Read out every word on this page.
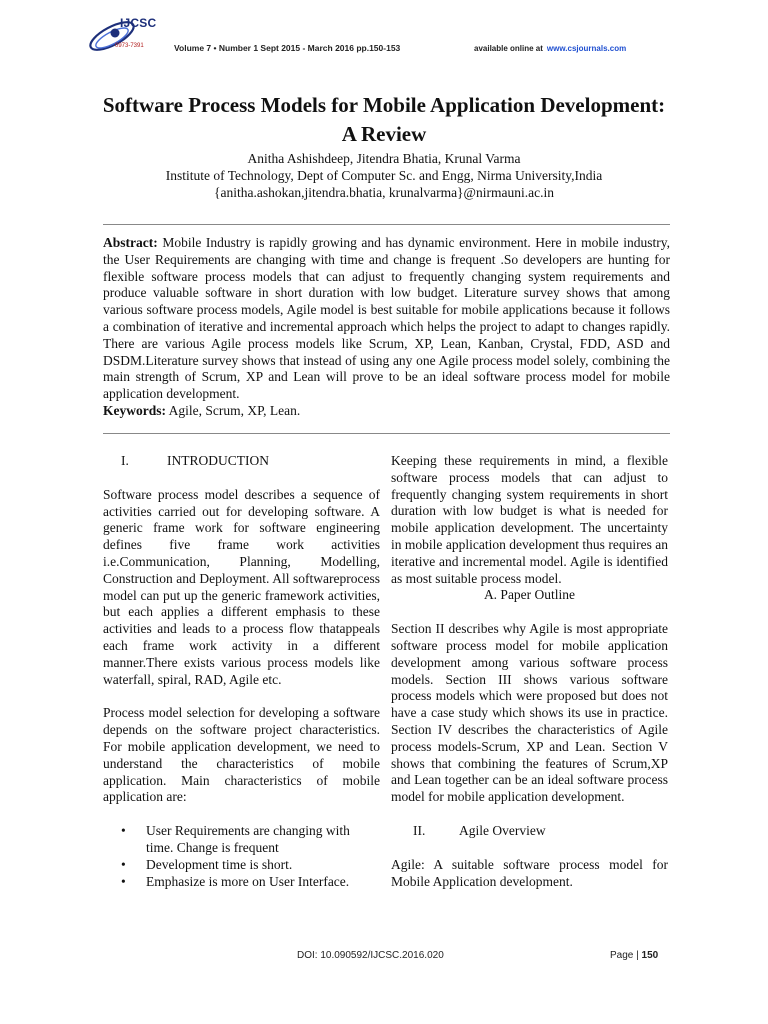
IJCSC
0973-7391	Volume 7 • Number 1 Sept 2015 - March 2016 pp.150-153	available online at www.csjournals.com
Software Process Models for Mobile Application Development: A Review
Anitha Ashishdeep, Jitendra Bhatia, Krunal Varma
Institute of Technology, Dept of Computer Sc. and Engg, Nirma University,India
{anitha.ashokan,jitendra.bhatia, krunalvarma}@nirmauni.ac.in
Abstract: Mobile Industry is rapidly growing and has dynamic environment. Here in mobile industry, the User Requirements are changing with time and change is frequent .So developers are hunting for flexible software process models that can adjust to frequently changing system requirements and produce valuable software in short duration with low budget. Literature survey shows that among various software process models, Agile model is best suitable for mobile applications because it follows a combination of iterative and incremental approach which helps the project to adapt to changes rapidly. There are various Agile process models like Scrum, XP, Lean, Kanban, Crystal, FDD, ASD and DSDM.Literature survey shows that instead of using any one Agile process model solely, combining the main strength of Scrum, XP and Lean will prove to be an ideal software process model for mobile application development.
Keywords: Agile, Scrum, XP, Lean.
I.	INTRODUCTION

Software process model describes a sequence of activities carried out for developing software. A generic frame work for software engineering defines five frame work activities i.e.Communication, Planning, Modelling, Construction and Deployment. All softwareprocess model can put up the generic framework activities, but each applies a different emphasis to these activities and leads to a process flow thatappeals each frame work activity in a different manner.There exists various process models like waterfall, spiral, RAD, Agile etc.

Process model selection for developing a software depends on the software project characteristics. For mobile application development, we need to understand the characteristics of mobile application. Main characteristics of mobile application are:

• User Requirements are changing with time. Change is frequent
• Development time is short.
• Emphasize is more on User Interface.

Keeping these requirements in mind, a flexible software process models that can adjust to frequently changing system requirements in short duration with low budget is what is needed for mobile application development. The uncertainty in mobile application development thus requires an iterative and incremental model. Agile is identified as most suitable process model.

A. Paper Outline

Section II describes why Agile is most appropriate software process model for mobile application development among various software process models. Section III shows various software process models which were proposed but does not have a case study which shows its use in practice. Section IV describes the characteristics of Agile process models-Scrum, XP and Lean. Section V shows that combining the features of Scrum,XP and Lean together can be an ideal software process model for mobile application development.

II.	Agile Overview

Agile: A suitable software process model for Mobile Application development.

DOI: 10.090592/IJCSC.2016.020	Page | 150
